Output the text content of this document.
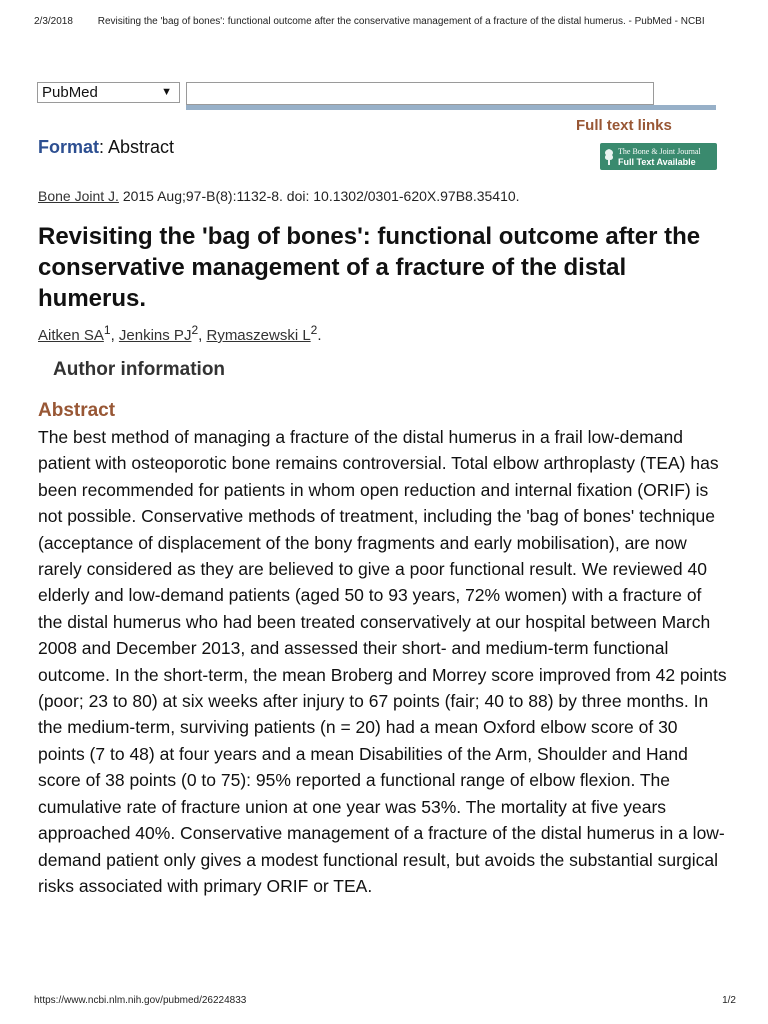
2/3/2018 Revisiting the 'bag of bones': functional outcome after the conservative management of a fracture of the distal humerus. - PubMed - NCBI
PubMed	▼
Format: Abstract
Full text links
The Bone & Joint Journal
Full Text Available
Bone Joint J. 2015 Aug;97-B(8):1132-8. doi: 10.1302/0301-620X.97B8.35410.
Revisiting the 'bag of bones': functional outcome after the conservative management of a fracture of the distal humerus.
Aitken $SA^1$, Jenkins $PJ^2$, Rymaszewski $L^2$.
Author information
Abstract

The best method of managing a fracture of the distal humerus in a frail low-demand patient with osteoporotic bone remains controversial. Total elbow arthroplasty (TEA) has been recommended for patients in whom open reduction and internal fixation (ORIF) is not possible. Conservative methods of treatment, including the 'bag of bones' technique (acceptance of displacement of the bony fragments and early mobilisation), are now rarely considered as they are believed to give a poor functional result. We reviewed 40 elderly and low-demand patients (aged 50 to 93 years, 72% women) with a fracture of the distal humerus who had been treated conservatively at our hospital between March 2008 and December 2013, and assessed their short- and medium-term functional outcome. In the short-term, the mean Broberg and Morrey score improved from 42 points (poor; 23 to 80) at six weeks after injury to 67 points (fair; 40 to 88) by three months. In the medium-term, surviving patients (n = 20) had a mean Oxford elbow score of 30 points (7 to 48) at four years and a mean Disabilities of the Arm, Shoulder and Hand score of 38 points (0 to 75): 95% reported a functional range of elbow flexion. The cumulative rate of fracture union at one year was 53%. The mortality at five years approached 40%. Conservative management of a fracture of the distal humerus in a low-demand patient only gives a modest functional result, but avoids the substantial surgical risks associated with primary ORIF or TEA.

https://www.ncbi.nlm.nih.gov/pubmed/26224833	1/2
